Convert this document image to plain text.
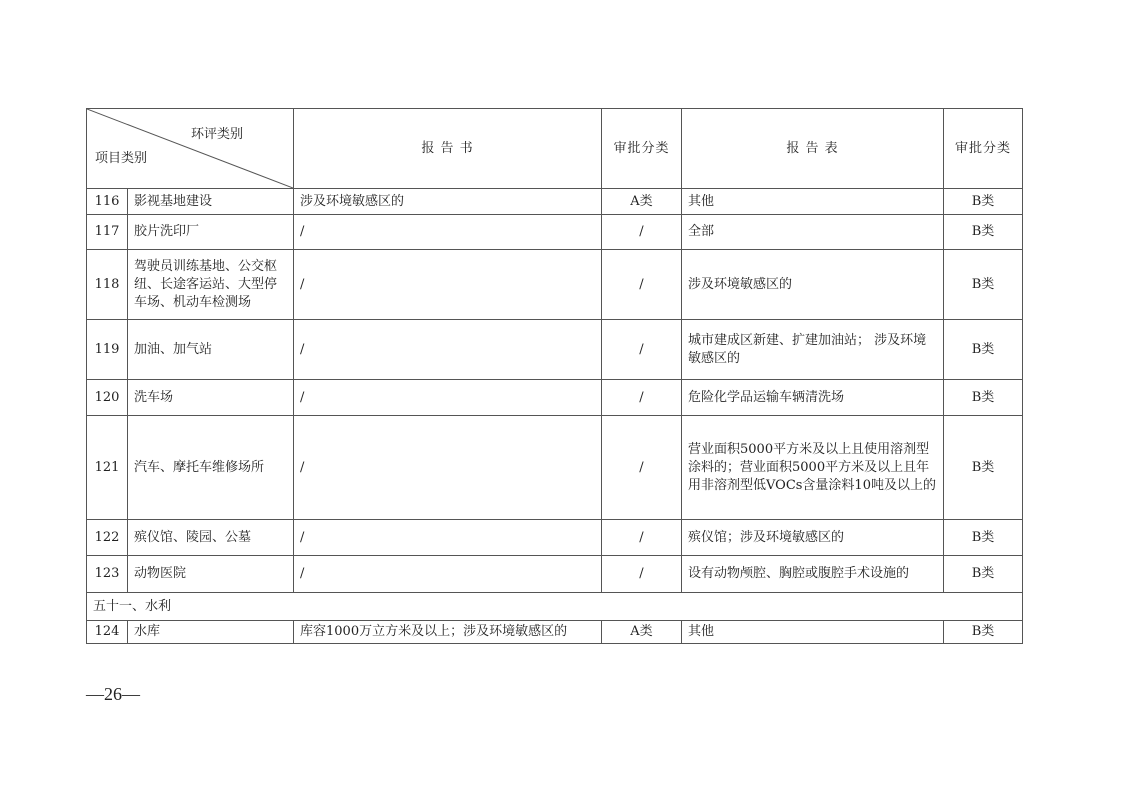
环评类别
项目类别		报 告 书	审批分类	报 告 表	审批分类
116	影视基地建设	涉及环境敏感区的	A类	其他	B类
117	胶片洗印厂	/	/	全部	B类
118	驾驶员训练基地、公交枢纽、长途客运站、大型停车场、机动车检测场	/	/	涉及环境敏感区的	B类
119	加油、加气站	/	/	城市建成区新建、扩建加油站； 涉及环境敏感区的	B类
120	洗车场	/	/	危险化学品运输车辆清洗场	B类
121	汽车、摩托车维修场所	/	/	营业面积5000平方米及以上且使用溶剂型涂料的；营业面积5000平方米及以上且年用非溶剂型低VOCs含量涂料10吨及以上的	B类
122	殡仪馆、陵园、公墓	/	/	殡仪馆；涉及环境敏感区的	B类
123	动物医院	/	/	设有动物颅腔、胸腔或腹腔手术设施的	B类
五十一、水利					
124	水库	库容1000万立方米及以上；涉及环境敏感区的	A类	其他	B类
—26—
